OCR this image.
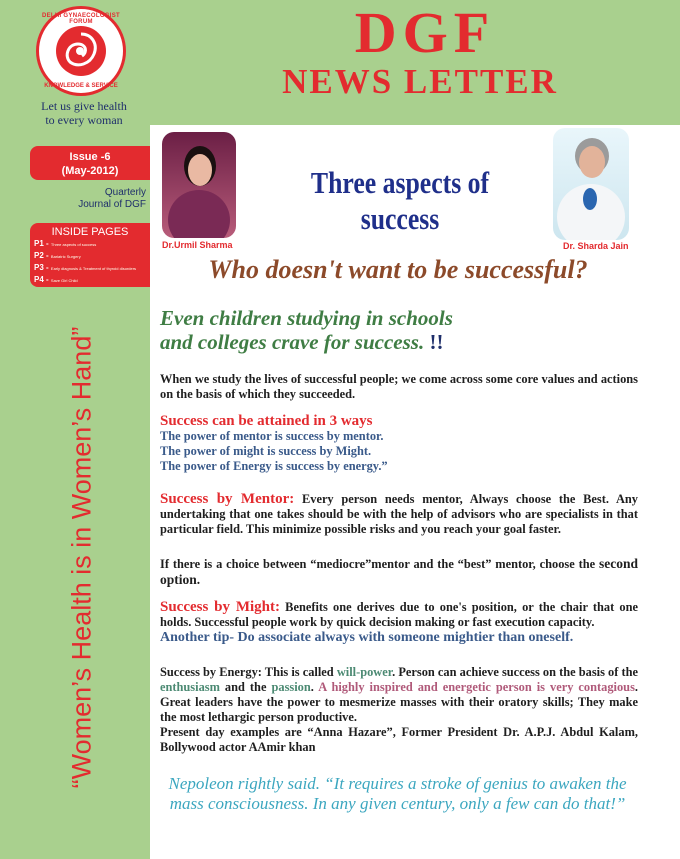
DELHI GYNAECOLOGIST FORUM
KNOWLEDGE & SERVICE
Let us give health
to every woman
DGF
NEWS LETTER
Issue -6
(May-2012)
Quarterly
Journal of DGF
INSIDE PAGES
P1 - Three aspects of success
P2 - Bariatric Surgery
P3 - Early diagnosis & Treatment of thyroid disorders
P4 - Save Girl Child
“Women’s Health is in Women’s Hand”
Dr.Urmil Sharma	Dr. Sharda Jain
Three aspects of success
Who doesn't want to be successful?
Even children studying in schools and colleges crave for success. !!
When we study the lives of successful people; we come across some core values and actions on the basis of which they succeeded.
Success can be attained in 3 ways
The power of mentor is success by mentor.
The power of might is success by Might.
The power of Energy is success by energy.”
Success by Mentor: Every person needs mentor, Always choose the Best. Any undertaking that one takes should be with the help of advisors who are specialists in that particular field. This minimize possible risks and you reach your goal faster.
If there is a choice between “mediocre”mentor and the “best” mentor, choose the second option.
Success by Might: Benefits one derives due to one's position, or the chair that one holds. Successful people work by quick decision making or fast execution capacity.
Another tip- Do associate always with someone mightier than oneself.
Success by Energy: This is called will-power. Person can achieve success on the basis of the enthusiasm and the passion. A highly inspired and energetic person is very contagious. Great leaders have the power to mesmerize masses with their oratory skills; They make the most lethargic person productive.
Present day examples are “Anna Hazare”, Former President Dr. A.P.J. Abdul Kalam, Bollywood actor AAmir khan
Nepoleon rightly said. “It requires a stroke of genius to awaken the mass consciousness. In any given century, only a few can do that!”
